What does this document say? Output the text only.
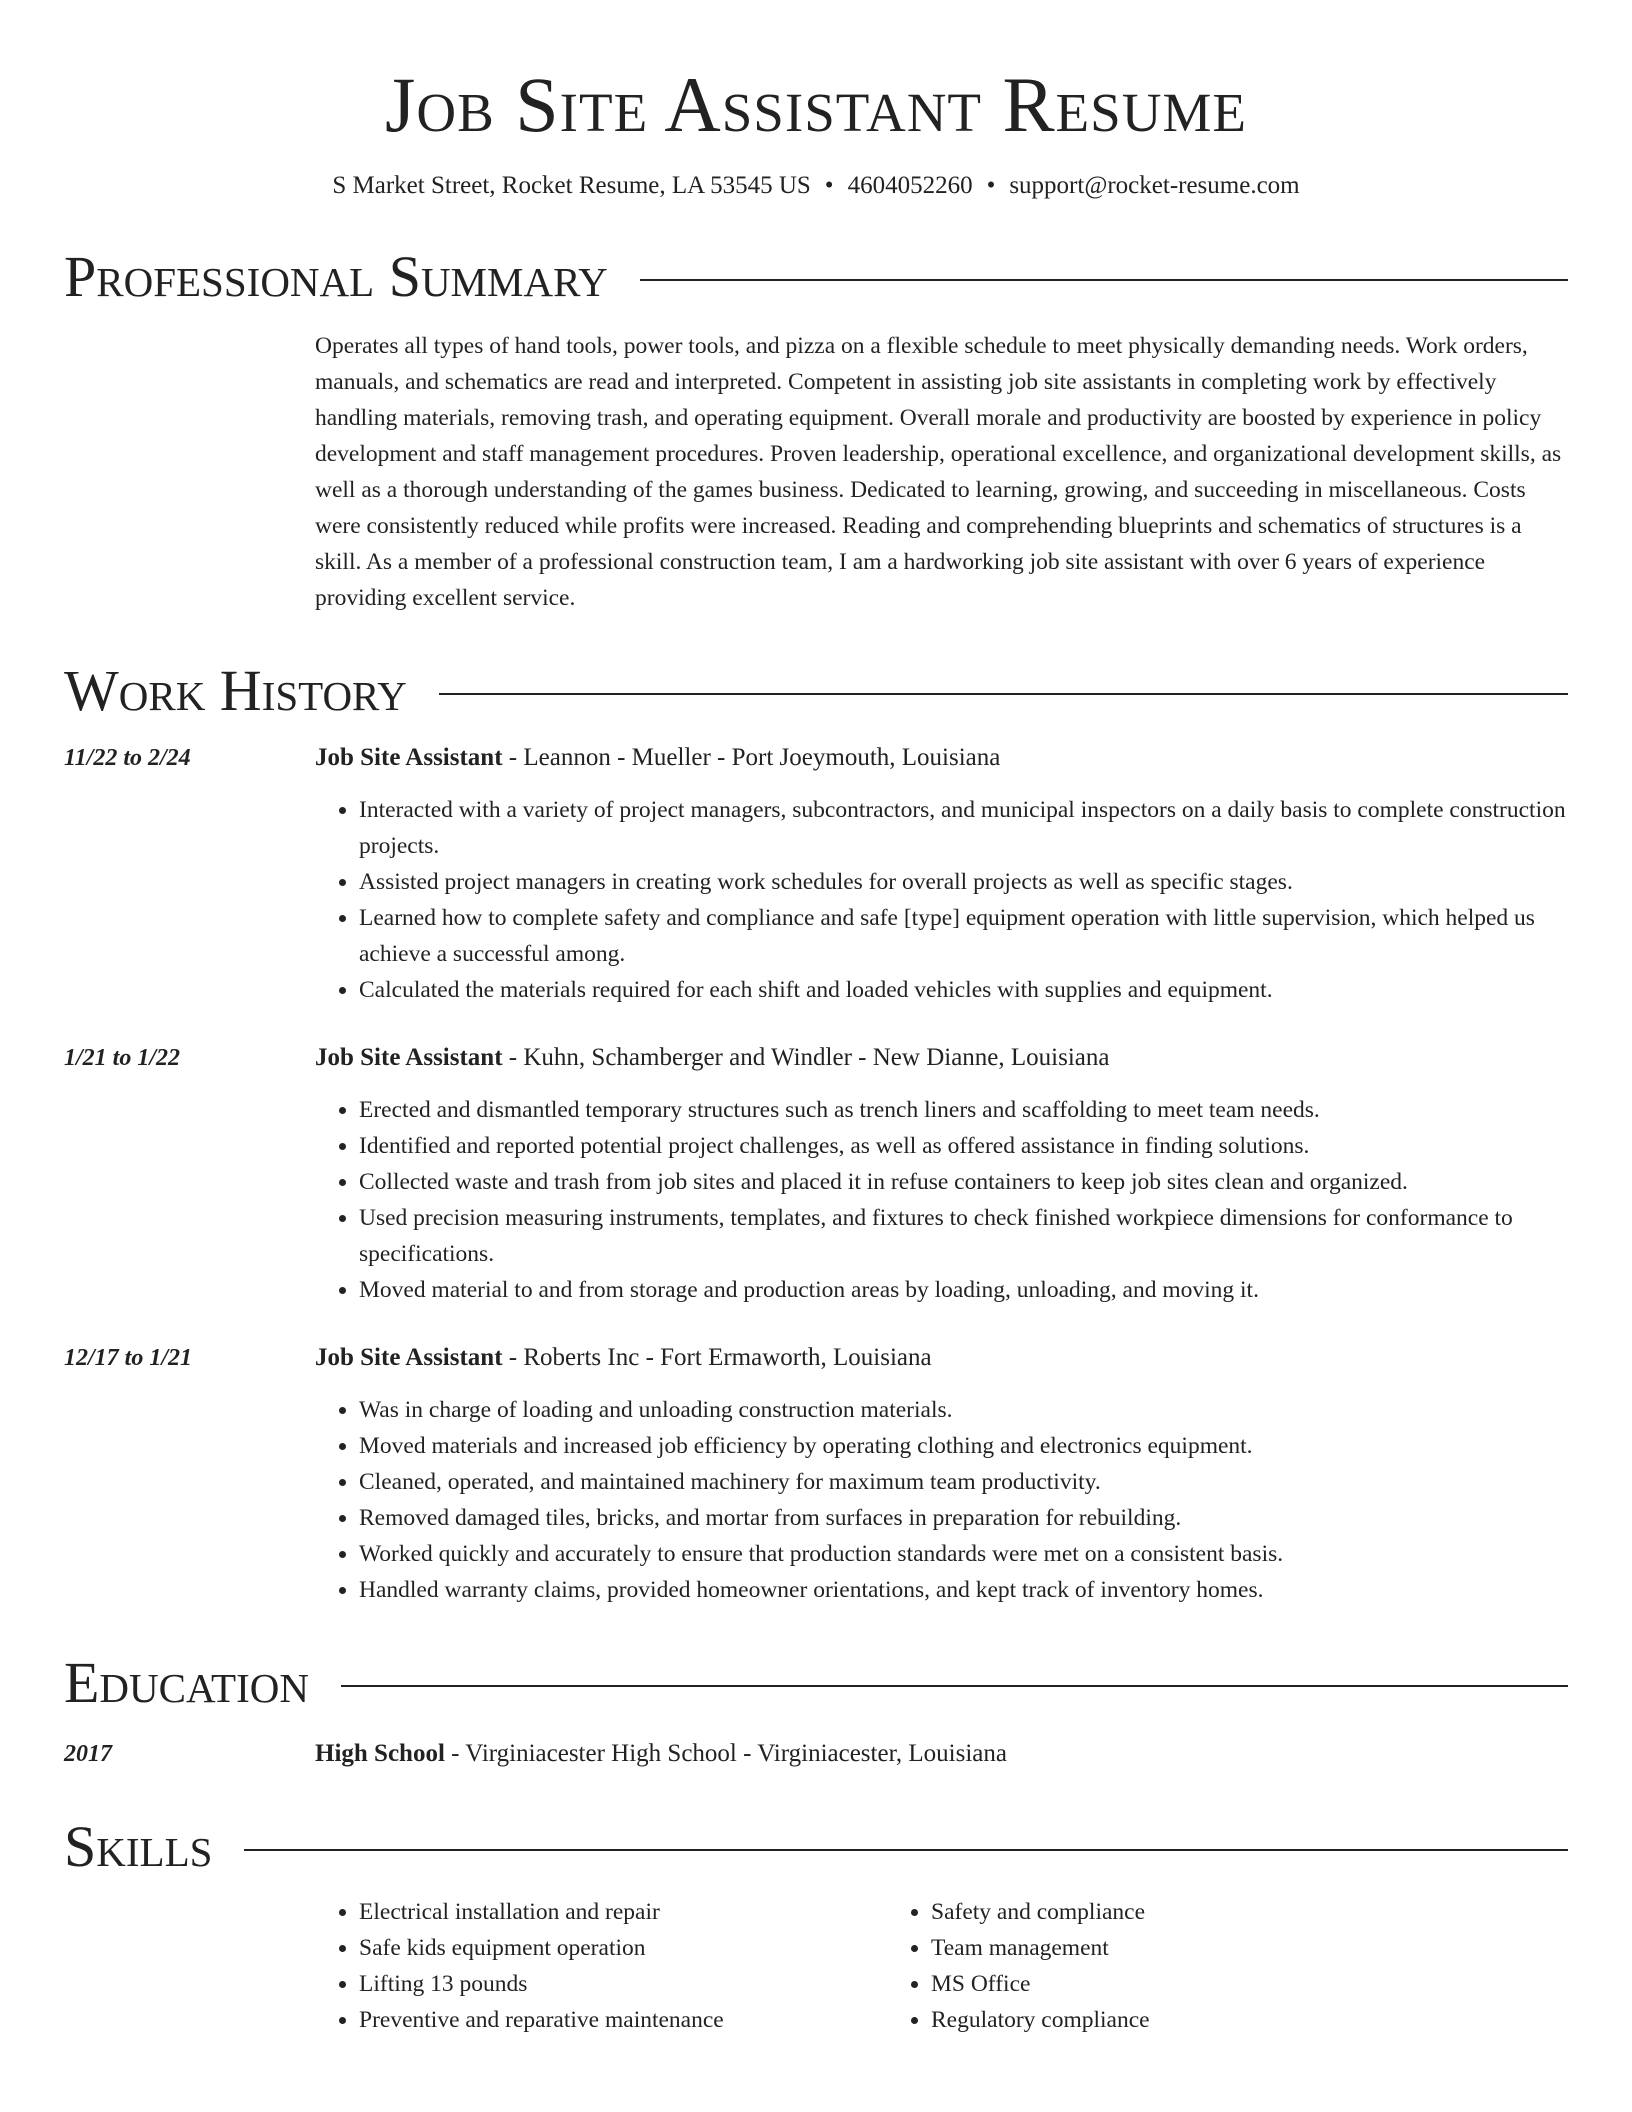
Job Site Assistant Resume
S Market Street, Rocket Resume, LA 53545 US • 4604052260 • support@rocket-resume.com
Professional Summary
Operates all types of hand tools, power tools, and pizza on a flexible schedule to meet physically demanding needs. Work orders, manuals, and schematics are read and interpreted. Competent in assisting job site assistants in completing work by effectively handling materials, removing trash, and operating equipment. Overall morale and productivity are boosted by experience in policy development and staff management procedures. Proven leadership, operational excellence, and organizational development skills, as well as a thorough understanding of the games business. Dedicated to learning, growing, and succeeding in miscellaneous. Costs were consistently reduced while profits were increased. Reading and comprehending blueprints and schematics of structures is a skill. As a member of a professional construction team, I am a hardworking job site assistant with over 6 years of experience providing excellent service.
Work History
11/22 to 2/24	Job Site Assistant - Leannon - Mueller - Port Joeymouth, Louisiana
• Interacted with a variety of project managers, subcontractors, and municipal inspectors on a daily basis to complete construction projects.
• Assisted project managers in creating work schedules for overall projects as well as specific stages.
• Learned how to complete safety and compliance and safe [type] equipment operation with little supervision, which helped us achieve a successful among.
• Calculated the materials required for each shift and loaded vehicles with supplies and equipment.
1/21 to 1/22	Job Site Assistant - Kuhn, Schamberger and Windler - New Dianne, Louisiana
• Erected and dismantled temporary structures such as trench liners and scaffolding to meet team needs.
• Identified and reported potential project challenges, as well as offered assistance in finding solutions.
• Collected waste and trash from job sites and placed it in refuse containers to keep job sites clean and organized.
• Used precision measuring instruments, templates, and fixtures to check finished workpiece dimensions for conformance to specifications.
• Moved material to and from storage and production areas by loading, unloading, and moving it.
12/17 to 1/21	Job Site Assistant - Roberts Inc - Fort Ermaworth, Louisiana
• Was in charge of loading and unloading construction materials.
• Moved materials and increased job efficiency by operating clothing and electronics equipment.
• Cleaned, operated, and maintained machinery for maximum team productivity.
• Removed damaged tiles, bricks, and mortar from surfaces in preparation for rebuilding.
• Worked quickly and accurately to ensure that production standards were met on a consistent basis.
• Handled warranty claims, provided homeowner orientations, and kept track of inventory homes.
Education
2017	High School - Virginiacester High School - Virginiacester, Louisiana
Skills
• Electrical installation and repair
• Safe kids equipment operation
• Lifting 13 pounds
• Preventive and reparative maintenance
• Safety and compliance
• Team management
• MS Office
• Regulatory compliance
